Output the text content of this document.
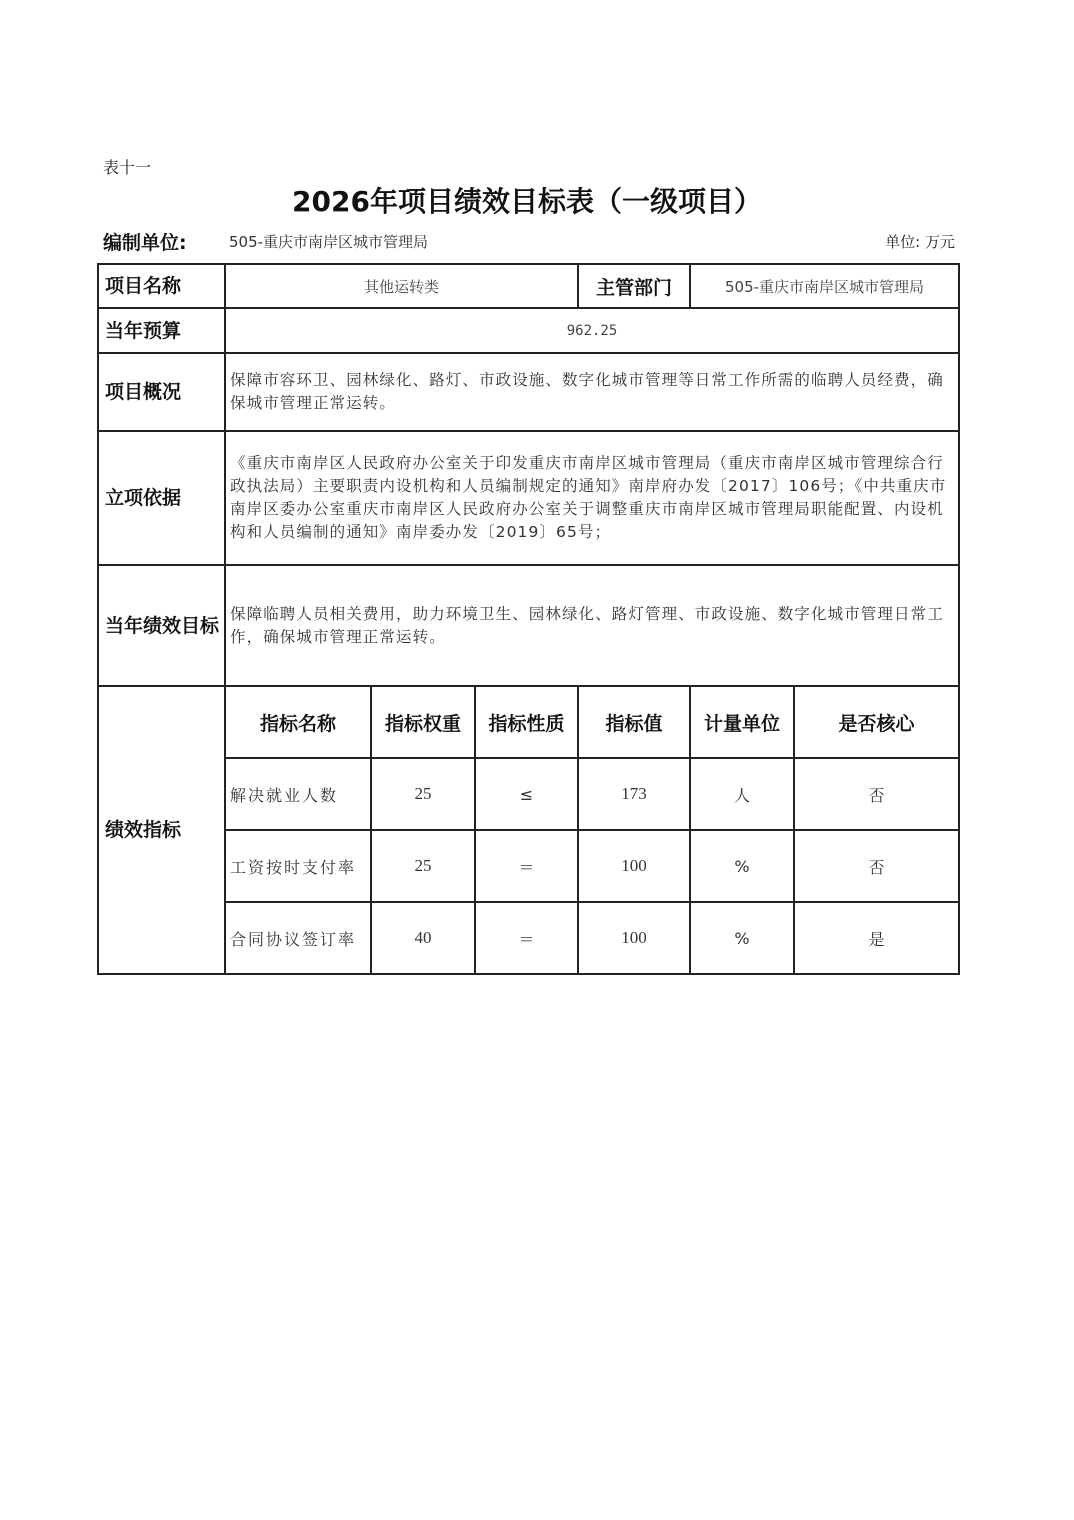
表十一
2026年项目绩效目标表（一级项目）
编制单位:	505-重庆市南岸区城市管理局	单位: 万元
项目名称	其他运转类			主管部门	505-重庆市南岸区城市管理局	
当年预算	962.25					
项目概况	保障市容环卫、园林绿化、路灯、市政设施、数字化城市管理等日常工作所需的临聘人员经费，确保城市管理正常运转。					
立项依据	《重庆市南岸区人民政府办公室关于印发重庆市南岸区城市管理局（重庆市南岸区城市管理综合行政执法局）主要职责内设机构和人员编制规定的通知》南岸府办发〔2017〕106号；《中共重庆市南岸区委办公室重庆市南岸区人民政府办公室关于调整重庆市南岸区城市管理局职能配置、内设机构和人员编制的通知》南岸委办发〔2019〕65号；					
当年绩效目标	保障临聘人员相关费用，助力环境卫生、园林绿化、路灯管理、市政设施、数字化城市管理日常工作，确保城市管理正常运转。					
绩效指标	指标名称	指标权重	指标性质	指标值	计量单位	是否核心
	解决就业人数	25	≤	173	人	否
	工资按时支付率	25	＝	100	%	否
	合同协议签订率	40	＝	100	%	是
